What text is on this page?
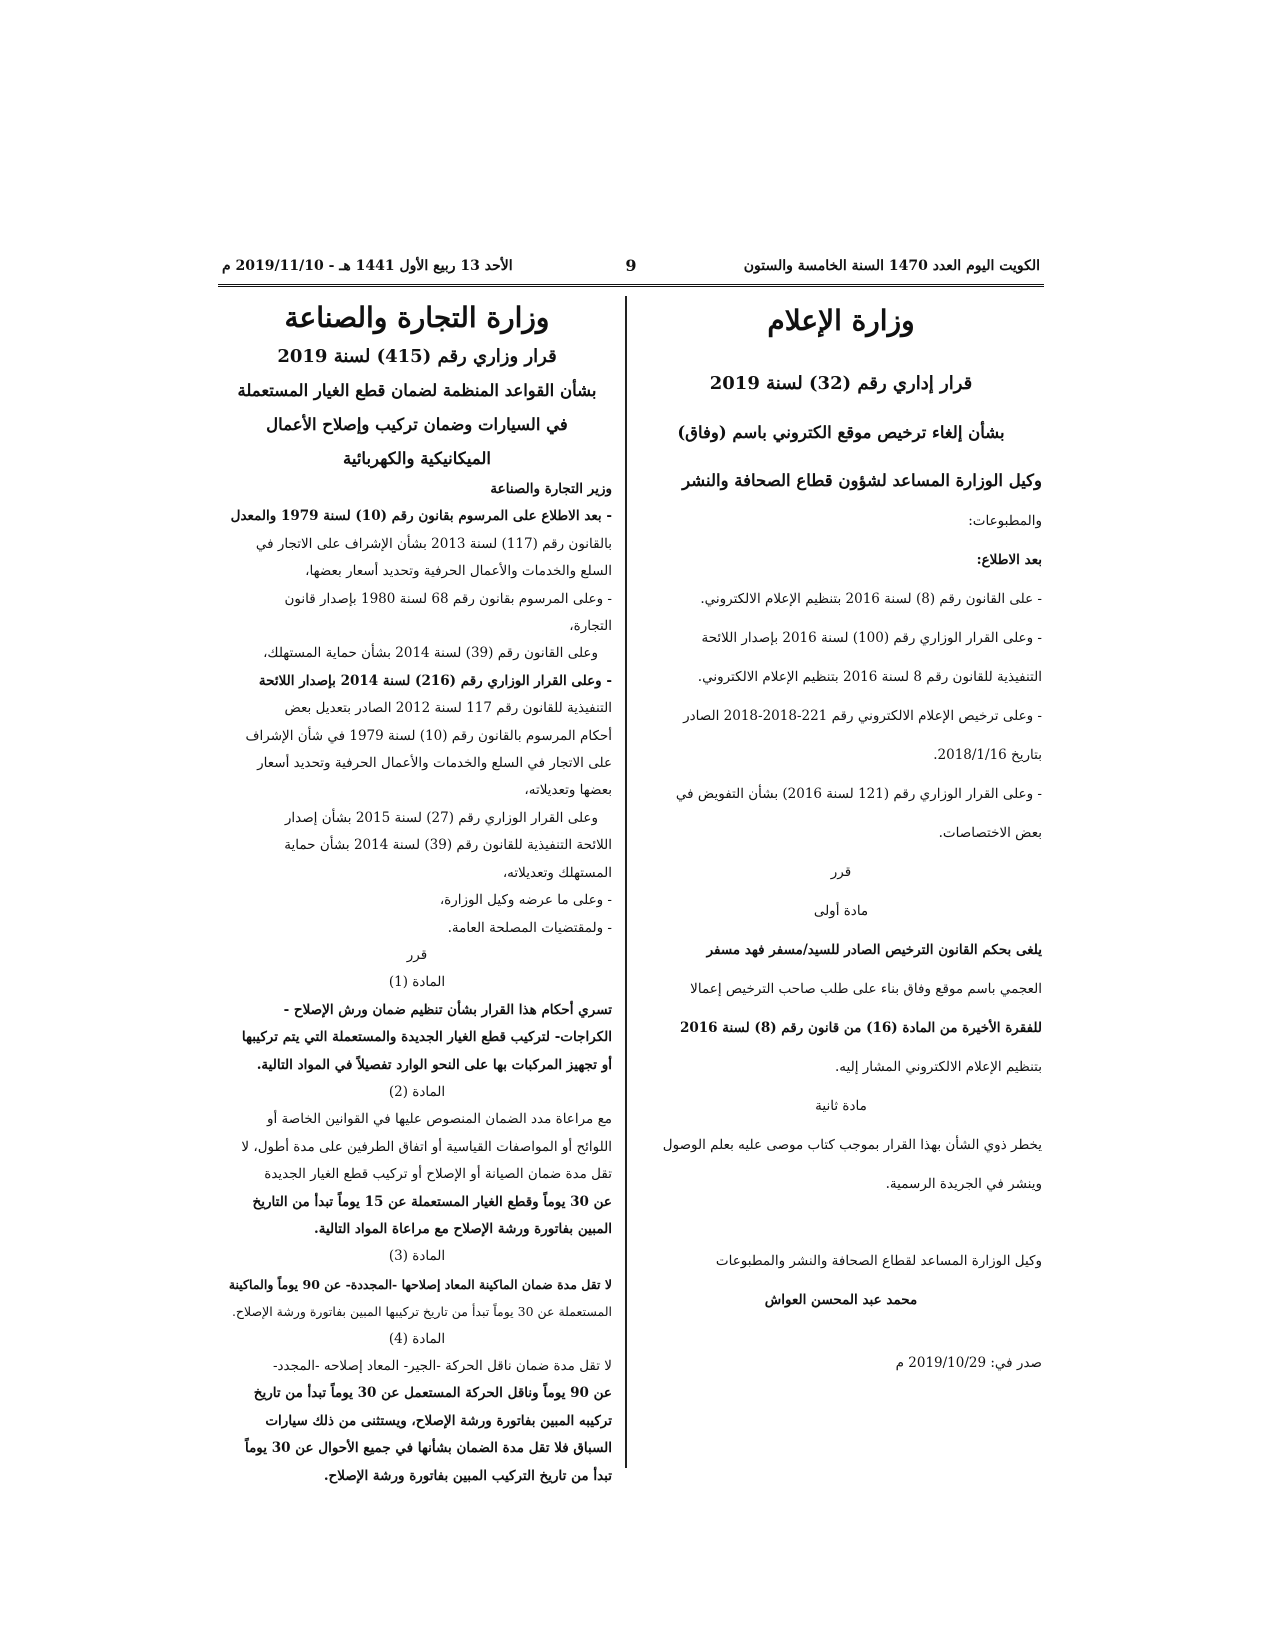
الكويت اليوم العدد 1470 السنة الخامسة والستون
9
الأحد 13 ربيع الأول 1441 هـ - 2019/11/10 م

وزارة الإعلام

قرار إداري رقم (32) لسنة 2019

بشأن إلغاء ترخيص موقع الكتروني باسم (وفاق)

وكيل الوزارة المساعد لشؤون قطاع الصحافة والنشر

والمطبوعات:

بعد الاطلاع:

- على القانون رقم (8) لسنة 2016 بتنظيم الإعلام الالكتروني.

- وعلى القرار الوزاري رقم (100) لسنة 2016 بإصدار اللائحة

التنفيذية للقانون رقم 8 لسنة 2016 بتنظيم الإعلام الالكتروني.

- وعلى ترخيص الإعلام الالكتروني رقم 221-2018-2018 الصادر

بتاريخ 2018/1/16.

- وعلى القرار الوزاري رقم (121 لسنة 2016) بشأن التفويض في

بعض الاختصاصات.

قرر

مادة أولى

يلغى بحكم القانون الترخيص الصادر للسيد/مسفر فهد مسفر

العجمي باسم موقع وفاق بناء على طلب صاحب الترخيص إعمالا

للفقرة الأخيرة من المادة (16) من قانون رقم (8) لسنة 2016

بتنظيم الإعلام الالكتروني المشار إليه.

مادة ثانية

يخطر ذوي الشأن بهذا القرار بموجب كتاب موصى عليه بعلم الوصول

وينشر في الجريدة الرسمية.

وكيل الوزارة المساعد لقطاع الصحافة والنشر والمطبوعات

محمد عبد المحسن العواش

صدر في: 2019/10/29 م

وزارة التجارة والصناعة

قرار وزاري رقم (415) لسنة 2019

بشأن القواعد المنظمة لضمان قطع الغيار المستعملة

في السيارات وضمان تركيب وإصلاح الأعمال

الميكانيكية والكهربائية

وزير التجارة والصناعة

- بعد الاطلاع على المرسوم بقانون رقم (10) لسنة 1979 والمعدل

بالقانون رقم (117) لسنة 2013 بشأن الإشراف على الاتجار في

السلع والخدمات والأعمال الحرفية وتحديد أسعار بعضها،

- وعلى المرسوم بقانون رقم 68 لسنة 1980 بإصدار قانون

التجارة،

وعلى القانون رقم (39) لسنة 2014 بشأن حماية المستهلك،

- وعلى القرار الوزاري رقم (216) لسنة 2014 بإصدار اللائحة

التنفيذية للقانون رقم 117 لسنة 2012 الصادر بتعديل بعض

أحكام المرسوم بالقانون رقم (10) لسنة 1979 في شأن الإشراف

على الاتجار في السلع والخدمات والأعمال الحرفية وتحديد أسعار

بعضها وتعديلاته،

وعلى القرار الوزاري رقم (27) لسنة 2015 بشأن إصدار

اللائحة التنفيذية للقانون رقم (39) لسنة 2014 بشأن حماية

المستهلك وتعديلاته،

- وعلى ما عرضه وكيل الوزارة،

- ولمقتضيات المصلحة العامة.

قرر

المادة (1)

تسري أحكام هذا القرار بشأن تنظيم ضمان ورش الإصلاح -

الكراجات- لتركيب قطع الغيار الجديدة والمستعملة التي يتم تركيبها

أو تجهيز المركبات بها على النحو الوارد تفصيلاً في المواد التالية.

المادة (2)

مع مراعاة مدد الضمان المنصوص عليها في القوانين الخاصة أو

اللوائح أو المواصفات القياسية أو اتفاق الطرفين على مدة أطول، لا

تقل مدة ضمان الصيانة أو الإصلاح أو تركيب قطع الغيار الجديدة

عن 30 يوماً وقطع الغيار المستعملة عن 15 يوماً تبدأ من التاريخ

المبين بفاتورة ورشة الإصلاح مع مراعاة المواد التالية.

المادة (3)

لا تقل مدة ضمان الماكينة المعاد إصلاحها -المجددة- عن 90 يوماً والماكينة

المستعملة عن 30 يوماً تبدأ من تاريخ تركيبها المبين بفاتورة ورشة الإصلاح.

المادة (4)

لا تقل مدة ضمان ناقل الحركة -الجير- المعاد إصلاحه -المجدد-

عن 90 يوماً وناقل الحركة المستعمل عن 30 يوماً تبدأ من تاريخ

تركيبه المبين بفاتورة ورشة الإصلاح، ويستثنى من ذلك سيارات

السباق فلا تقل مدة الضمان بشأنها في جميع الأحوال عن 30 يوماً

تبدأ من تاريخ التركيب المبين بفاتورة ورشة الإصلاح.
